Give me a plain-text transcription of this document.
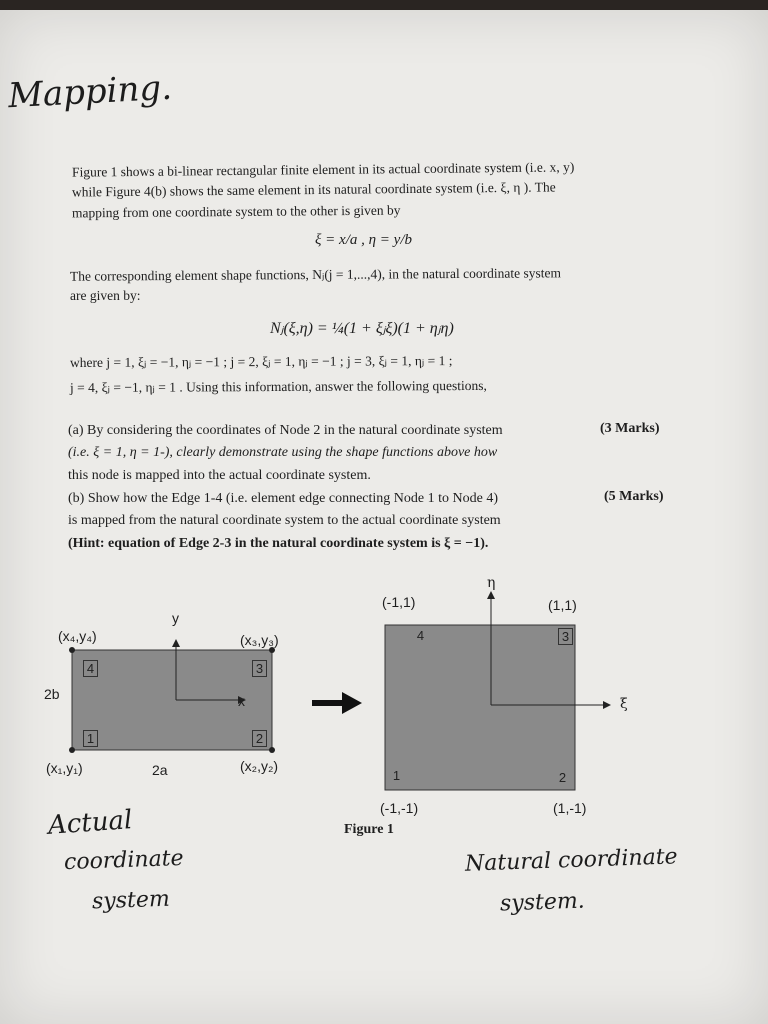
Mapping.
Figure 1 shows a bi-linear rectangular finite element in its actual coordinate system (i.e. x, y)
while Figure 4(b) shows the same element in its natural coordinate system (i.e. ξ, η ). The
mapping from one coordinate system to the other is given by
ξ = x/a , η = y/b
The corresponding element shape functions, Nⱼ(j = 1,...,4), in the natural coordinate system
are given by:
Nⱼ(ξ,η) = ¼(1 + ξⱼξ)(1 + ηⱼη)
where j = 1, ξⱼ = −1, ηⱼ = −1 ; j = 2, ξⱼ = 1, ηⱼ = −1 ; j = 3, ξⱼ = 1, ηⱼ = 1 ;
j = 4, ξⱼ = −1, ηⱼ = 1 . Using this information, answer the following questions,
(a) By considering the coordinates of Node 2 in the natural coordinate system	(3 Marks)
(i.e. ξ = 1, η = 1-), clearly demonstrate using the shape functions above how
this node is mapped into the actual coordinate system.
(b) Show how the Edge 1-4 (i.e. element edge connecting Node 1 to Node 4)	(5 Marks)
is mapped from the natural coordinate system to the actual coordinate system
(Hint: equation of Edge 2-3 in the natural coordinate system is ξ = −1).
y
x
(x₄,y₄)	(x₃,y₃)
(x₁,y₁)	(x₂,y₂)
2a
2b
4	3
1	2
η
ξ
(-1,1)	(1,1)
(-1,-1)	(1,-1)
4	3
1	2
Figure 1
Actual
coordinate
system
Natural coordinate
system.
